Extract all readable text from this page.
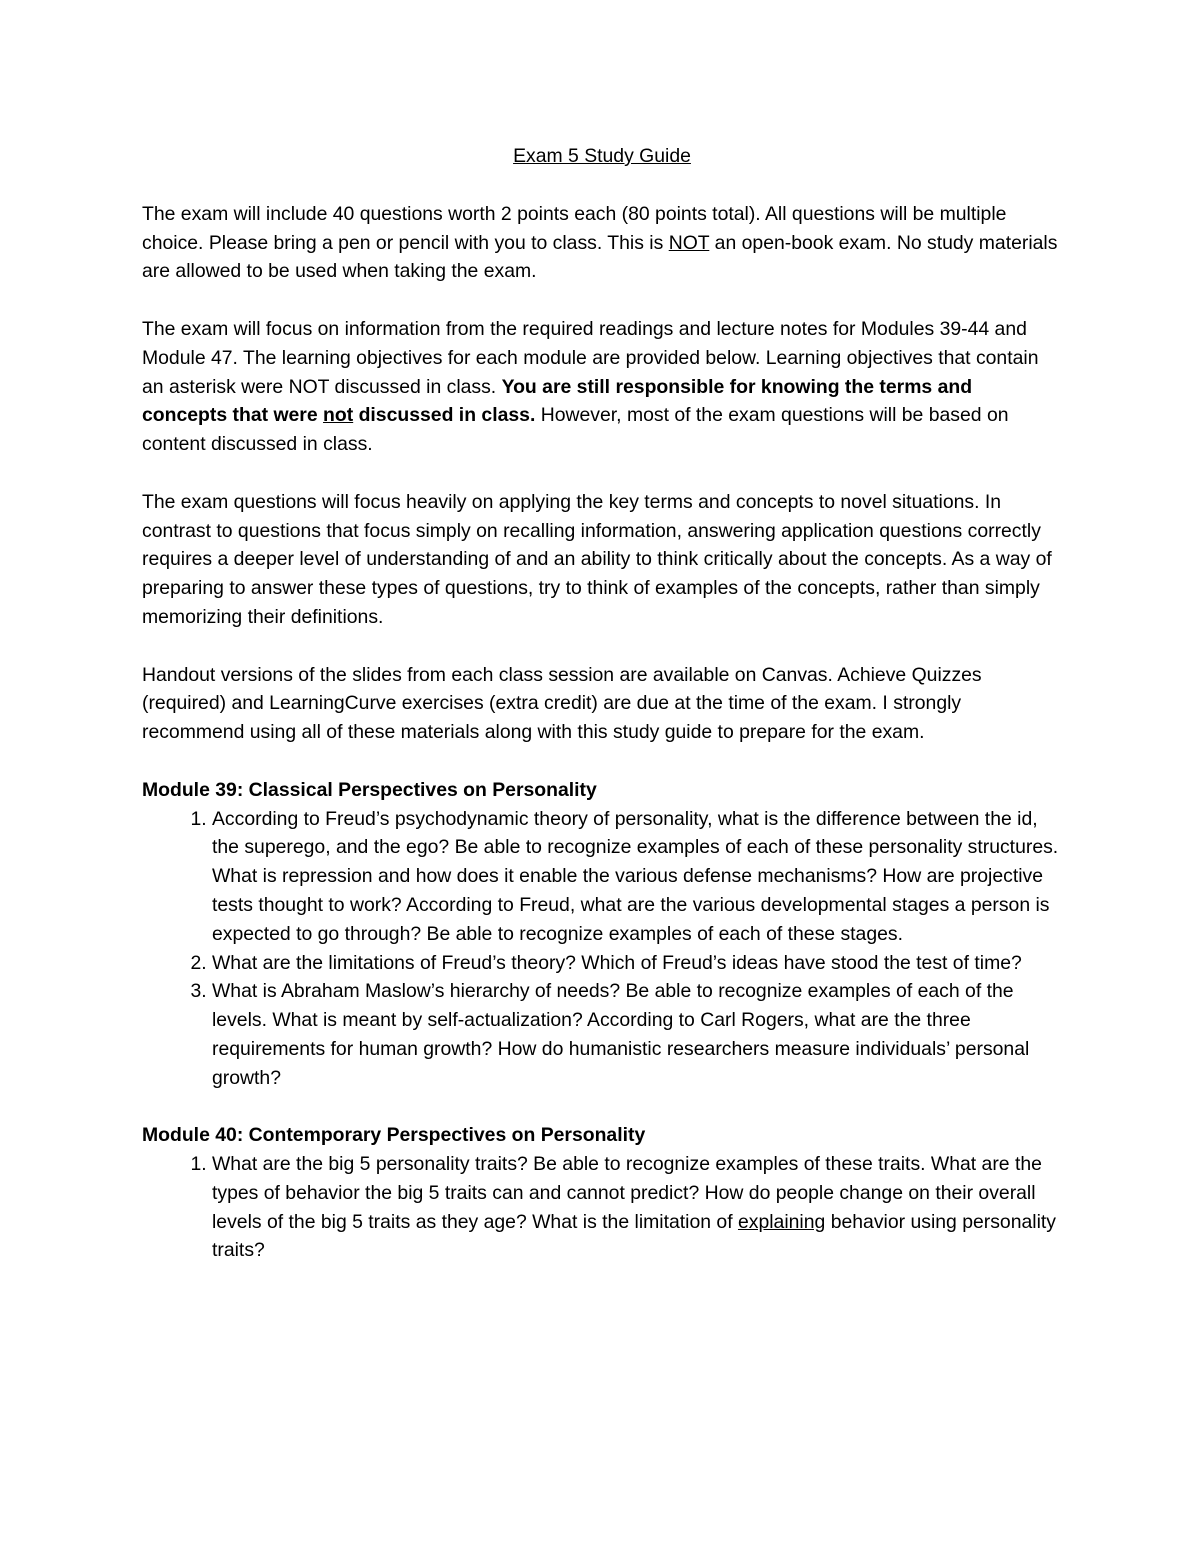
Exam 5 Study Guide

The exam will include 40 questions worth 2 points each (80 points total). All questions will be multiple choice. Please bring a pen or pencil with you to class. This is NOT an open-book exam. No study materials are allowed to be used when taking the exam.

The exam will focus on information from the required readings and lecture notes for Modules 39-44 and Module 47. The learning objectives for each module are provided below. Learning objectives that contain an asterisk were NOT discussed in class. You are still responsible for knowing the terms and concepts that were not discussed in class. However, most of the exam questions will be based on content discussed in class.

The exam questions will focus heavily on applying the key terms and concepts to novel situations. In contrast to questions that focus simply on recalling information, answering application questions correctly requires a deeper level of understanding of and an ability to think critically about the concepts. As a way of preparing to answer these types of questions, try to think of examples of the concepts, rather than simply memorizing their definitions.

Handout versions of the slides from each class session are available on Canvas. Achieve Quizzes (required) and LearningCurve exercises (extra credit) are due at the time of the exam. I strongly recommend using all of these materials along with this study guide to prepare for the exam.

Module 39: Classical Perspectives on Personality
1. According to Freud’s psychodynamic theory of personality, what is the difference between the id, the superego, and the ego? Be able to recognize examples of each of these personality structures. What is repression and how does it enable the various defense mechanisms? How are projective tests thought to work? According to Freud, what are the various developmental stages a person is expected to go through? Be able to recognize examples of each of these stages.
2. What are the limitations of Freud’s theory? Which of Freud’s ideas have stood the test of time?
3. What is Abraham Maslow’s hierarchy of needs? Be able to recognize examples of each of the levels. What is meant by self-actualization? According to Carl Rogers, what are the three requirements for human growth? How do humanistic researchers measure individuals’ personal growth?
Module 40: Contemporary Perspectives on Personality
1. What are the big 5 personality traits? Be able to recognize examples of these traits. What are the types of behavior the big 5 traits can and cannot predict? How do people change on their overall levels of the big 5 traits as they age? What is the limitation of explaining behavior using personality traits?
